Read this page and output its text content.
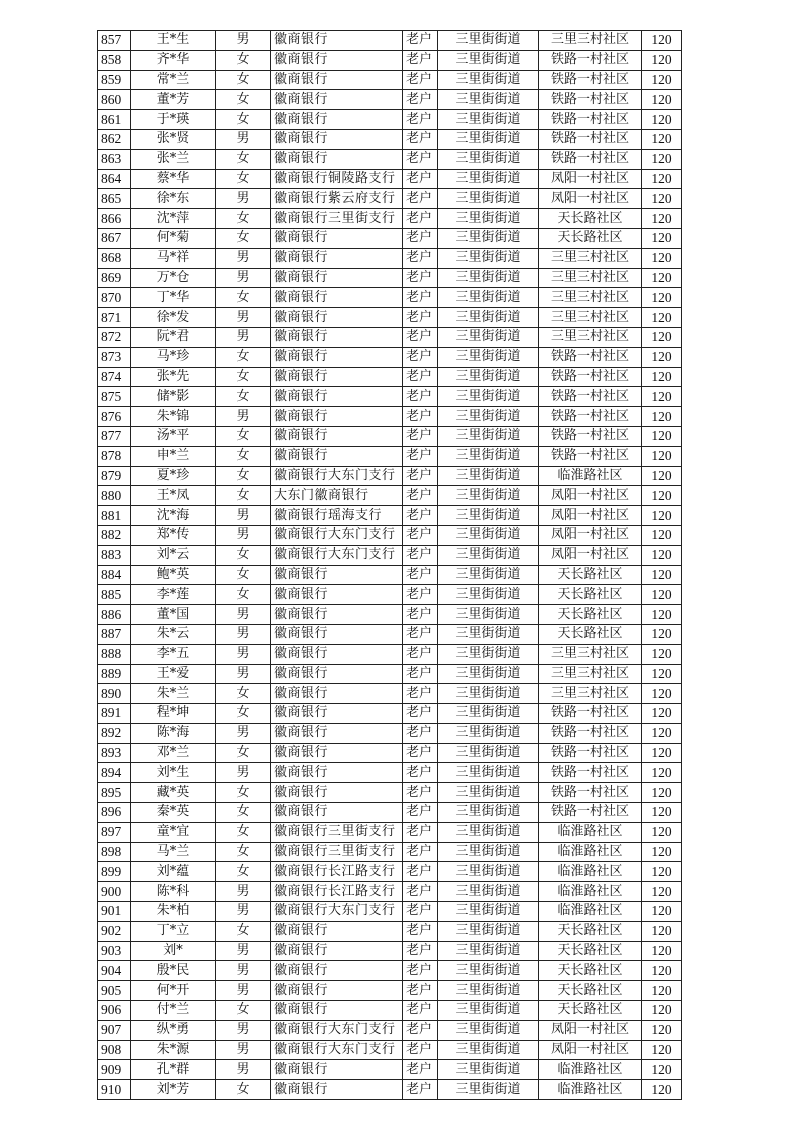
857	王*生	男	徽商银行	老户	三里街街道	三里三村社区	120
858	齐*华	女	徽商银行	老户	三里街街道	铁路一村社区	120
859	常*兰	女	徽商银行	老户	三里街街道	铁路一村社区	120
860	董*芳	女	徽商银行	老户	三里街街道	铁路一村社区	120
861	于*瑛	女	徽商银行	老户	三里街街道	铁路一村社区	120
862	张*贤	男	徽商银行	老户	三里街街道	铁路一村社区	120
863	张*兰	女	徽商银行	老户	三里街街道	铁路一村社区	120
864	蔡*华	女	徽商银行铜陵路支行	老户	三里街街道	凤阳一村社区	120
865	徐*东	男	徽商银行紫云府支行	老户	三里街街道	凤阳一村社区	120
866	沈*萍	女	徽商银行三里街支行	老户	三里街街道	天长路社区	120
867	何*菊	女	徽商银行	老户	三里街街道	天长路社区	120
868	马*祥	男	徽商银行	老户	三里街街道	三里三村社区	120
869	万*仓	男	徽商银行	老户	三里街街道	三里三村社区	120
870	丁*华	女	徽商银行	老户	三里街街道	三里三村社区	120
871	徐*发	男	徽商银行	老户	三里街街道	三里三村社区	120
872	阮*君	男	徽商银行	老户	三里街街道	三里三村社区	120
873	马*珍	女	徽商银行	老户	三里街街道	铁路一村社区	120
874	张*先	女	徽商银行	老户	三里街街道	铁路一村社区	120
875	储*影	女	徽商银行	老户	三里街街道	铁路一村社区	120
876	朱*锦	男	徽商银行	老户	三里街街道	铁路一村社区	120
877	汤*平	女	徽商银行	老户	三里街街道	铁路一村社区	120
878	申*兰	女	徽商银行	老户	三里街街道	铁路一村社区	120
879	夏*珍	女	徽商银行大东门支行	老户	三里街街道	临淮路社区	120
880	王*凤	女	大东门徽商银行	老户	三里街街道	凤阳一村社区	120
881	沈*海	男	徽商银行瑶海支行	老户	三里街街道	凤阳一村社区	120
882	郑*传	男	徽商银行大东门支行	老户	三里街街道	凤阳一村社区	120
883	刘*云	女	徽商银行大东门支行	老户	三里街街道	凤阳一村社区	120
884	鲍*英	女	徽商银行	老户	三里街街道	天长路社区	120
885	李*莲	女	徽商银行	老户	三里街街道	天长路社区	120
886	董*国	男	徽商银行	老户	三里街街道	天长路社区	120
887	朱*云	男	徽商银行	老户	三里街街道	天长路社区	120
888	李*五	男	徽商银行	老户	三里街街道	三里三村社区	120
889	王*爱	男	徽商银行	老户	三里街街道	三里三村社区	120
890	朱*兰	女	徽商银行	老户	三里街街道	三里三村社区	120
891	程*坤	女	徽商银行	老户	三里街街道	铁路一村社区	120
892	陈*海	男	徽商银行	老户	三里街街道	铁路一村社区	120
893	邓*兰	女	徽商银行	老户	三里街街道	铁路一村社区	120
894	刘*生	男	徽商银行	老户	三里街街道	铁路一村社区	120
895	藏*英	女	徽商银行	老户	三里街街道	铁路一村社区	120
896	秦*英	女	徽商银行	老户	三里街街道	铁路一村社区	120
897	童*宜	女	徽商银行三里街支行	老户	三里街街道	临淮路社区	120
898	马*兰	女	徽商银行三里街支行	老户	三里街街道	临淮路社区	120
899	刘*蕴	女	徽商银行长江路支行	老户	三里街街道	临淮路社区	120
900	陈*科	男	徽商银行长江路支行	老户	三里街街道	临淮路社区	120
901	朱*柏	男	徽商银行大东门支行	老户	三里街街道	临淮路社区	120
902	丁*立	女	徽商银行	老户	三里街街道	天长路社区	120
903	刘*	男	徽商银行	老户	三里街街道	天长路社区	120
904	殷*民	男	徽商银行	老户	三里街街道	天长路社区	120
905	何*开	男	徽商银行	老户	三里街街道	天长路社区	120
906	付*兰	女	徽商银行	老户	三里街街道	天长路社区	120
907	纵*勇	男	徽商银行大东门支行	老户	三里街街道	凤阳一村社区	120
908	朱*源	男	徽商银行大东门支行	老户	三里街街道	凤阳一村社区	120
909	孔*群	男	徽商银行	老户	三里街街道	临淮路社区	120
910	刘*芳	女	徽商银行	老户	三里街街道	临淮路社区	120
